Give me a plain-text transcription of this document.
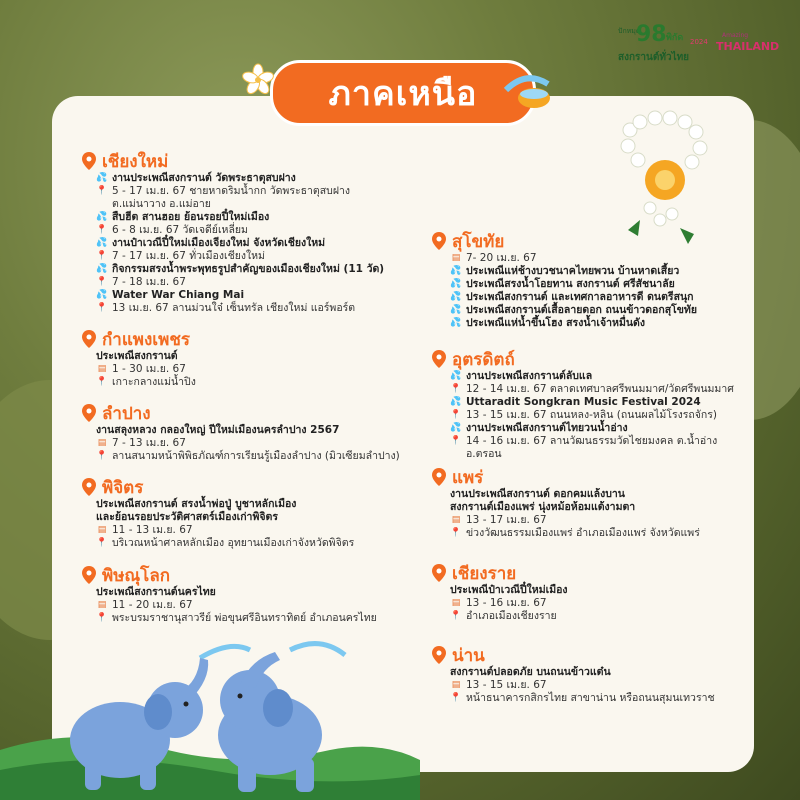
ปักหมุด
98 พิกัด 2024
สงกรานต์ทั่วไทย
Amazing
THAILAND
ภาคเหนือ
เชียงใหม่
💦 งานประเพณีสงกรานต์ วัดพระธาตุสบฝาง
📍 5 - 17 เม.ย. 67 ชายหาดริมน้ำกก วัดพระธาตุสบฝาง
ต.แม่นาวาง อ.แม่อาย
💦 สืบฮีต สานฮอย ย้อนรอยปี๋ใหม่เมือง
📍 6 - 8 เม.ย. 67 วัดเจดีย์เหลี่ยม
💦 งานป๋าเวณีปี๋ใหม่เมืองเจียงใหม่ จังหวัดเชียงใหม่
📍 7 - 17 เม.ย. 67 ทั่วเมืองเชียงใหม่
💦 กิจกรรมสรงน้ำพระพุทธรูปสำคัญของเมืองเชียงใหม่ (11 วัด)
📍 7 - 18 เม.ย. 67
💦 Water War Chiang Mai
📍 13 เม.ย. 67 ลานม่วนใจ๋ เซ็นทรัล เชียงใหม่ แอร์พอร์ต
กำแพงเพชร
ประเพณีสงกรานต์
▤ 1 - 30 เม.ย. 67
📍 เกาะกลางแม่น้ำปิง
ลำปาง
งานสลุงหลวง กลองใหญ่ ปีใหม่เมืองนครลำปาง 2567
▤ 7 - 13 เม.ย. 67
📍 ลานสนามหน้าพิพิธภัณฑ์การเรียนรู้เมืองลำปาง (มิวเซียมลำปาง)
พิจิตร
ประเพณีสงกรานต์ สรงน้ำพ่อปู่ บูชาหลักเมือง
และย้อนรอยประวัติศาสตร์เมืองเก่าพิจิตร
▤ 11 - 13 เม.ย. 67
📍 บริเวณหน้าศาลหลักเมือง อุทยานเมืองเก่าจังหวัดพิจิตร
พิษณุโลก
ประเพณีสงกรานต์นครไทย
▤ 11 - 20 เม.ย. 67
📍 พระบรมราชานุสาวรีย์ พ่อขุนศรีอินทราทิตย์ อำเภอนครไทย
สุโขทัย
▤ 7- 20 เม.ย. 67
💦 ประเพณีแห่ช้างบวชนาคไทยพวน บ้านหาดเสี้ยว
💦 ประเพณีสรงน้ำโอยทาน สงกรานต์ ศรีสัชนาลัย
💦 ประเพณีสงกรานต์ และเทศกาลอาหารดี ดนตรีสนุก
💦 ประเพณีสงกรานต์เสื้อลายดอก ถนนข้าวดอกสุโขทัย
💦 ประเพณีแห่น้ำขึ้นโฮง สรงน้ำเจ้าหมื่นดัง
อุตรดิตถ์
💦 งานประเพณีสงกรานต์ลับแล
📍 12 - 14 เม.ย. 67 ตลาดเทศบาลศรีพนมมาศ/วัดศรีพนมมาศ
💦 Uttaradit Songkran Music Festival 2024
📍 13 - 15 เม.ย. 67 ถนนหลง-หลิน (ถนนผลไม้โรงรถจักร)
💦 งานประเพณีสงกรานต์ไทยวนน้ำอ่าง
📍 14 - 16 เม.ย. 67 ลานวัฒนธรรมวัดไชยมงคล ต.น้ำอ่าง อ.ตรอน
แพร่
งานประเพณีสงกรานต์ ดอกคมแล้งบาน
สงกรานต์เมืองแพร่ นุ่งหม้อห้อมแต้งามตา
▤ 13 - 17 เม.ย. 67
📍 ข่วงวัฒนธรรมเมืองแพร่ อำเภอเมืองแพร่ จังหวัดแพร่
เชียงราย
ประเพณีป๋าเวณีปี๋ใหม่เมือง
▤ 13 - 16 เม.ย. 67
📍 อำเภอเมืองเชียงราย
น่าน
สงกรานต์ปลอดภัย บนถนนข้าวแต๋น
▤ 13 - 15 เม.ย. 67
📍 หน้าธนาคารกสิกรไทย สาขาน่าน หรือถนนสุมนเทวราช
